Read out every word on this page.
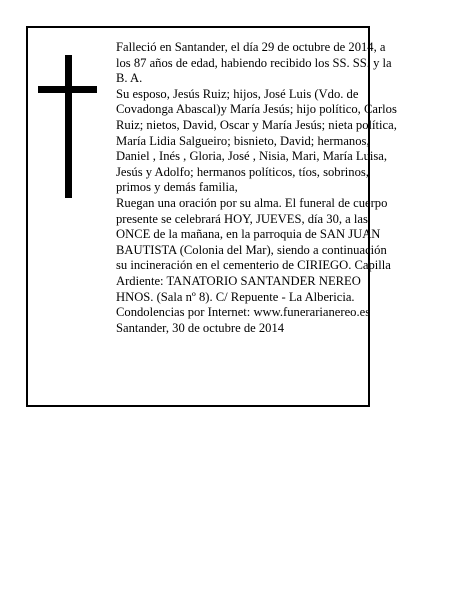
Falleció en Santander, el día 29 de octubre de 2014, a los 87 años de edad, habiendo recibido los SS. SS. y la B. A.

Su esposo, Jesús Ruiz; hijos, José Luis (Vdo. de Covadonga Abascal)y María Jesús; hijo político, Carlos Ruiz; nietos, David, Oscar y María Jesús; nieta política, María Lidia Salgueiro; bisnieto, David; hermanos, Daniel , Inés , Gloria, José , Nisia, Mari, María Luisa, Jesús y Adolfo; hermanos políticos, tíos, sobrinos, primos y demás familia,

Ruegan una oración por su alma. El funeral de cuerpo presente se celebrará HOY, JUEVES, día 30, a las ONCE de la mañana, en la parroquia de SAN JUAN BAUTISTA (Colonia del Mar), siendo a continuación su incineración en el cementerio de CIRIEGO. Capilla Ardiente: TANATORIO SANTANDER NEREO HNOS. (Sala nº 8). C/ Repuente - La Albericia.

Condolencias por Internet: www.funerarianereo.es

Santander, 30 de octubre de 2014
